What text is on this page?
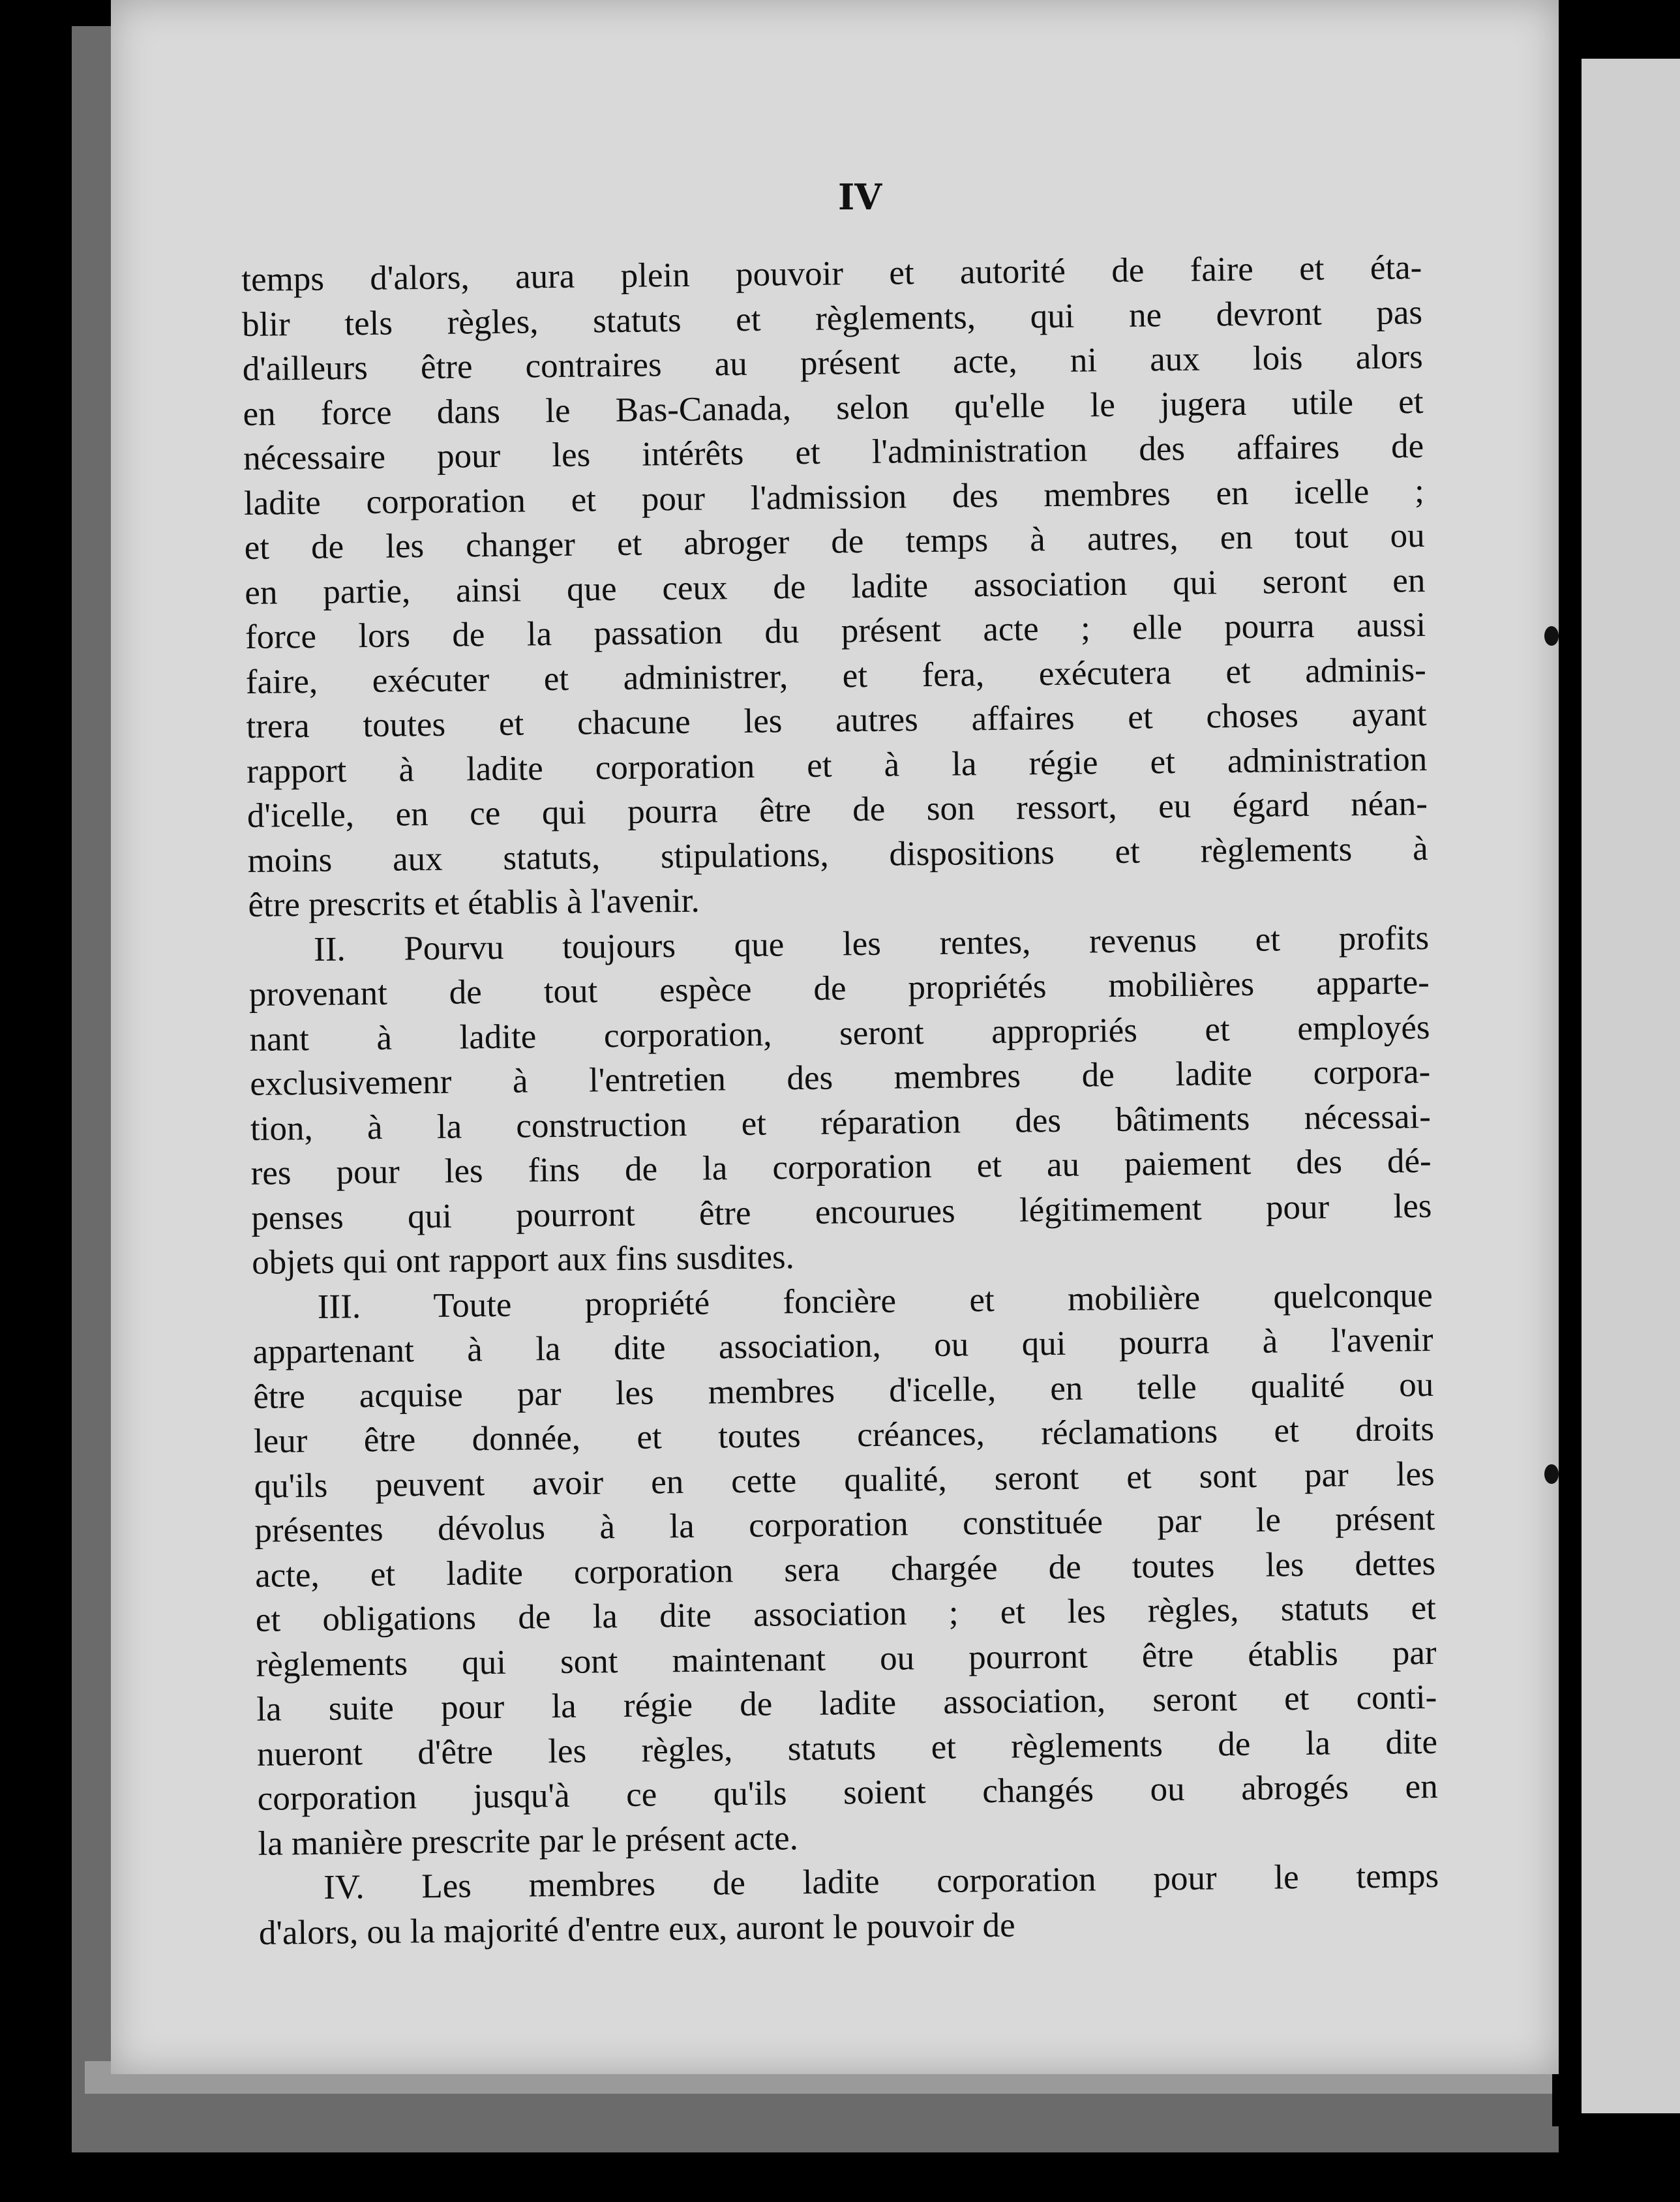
IV
temps d'alors, aura plein pouvoir et autorité de faire et éta-
blir tels règles, statuts et règlements, qui ne devront pas
d'ailleurs être contraires au présent acte, ni aux lois alors
en force dans le Bas-Canada, selon qu'elle le jugera utile et
nécessaire pour les intérêts et l'administration des affaires de
ladite corporation et pour l'admission des membres en icelle ;
et de les changer et abroger de temps à autres, en tout ou
en partie, ainsi que ceux de ladite association qui seront en
force lors de la passation du présent acte ; elle pourra aussi
faire, exécuter et administrer, et fera, exécutera et adminis-
trera toutes et chacune les autres affaires et choses ayant
rapport à ladite corporation et à la régie et administration
d'icelle, en ce qui pourra être de son ressort, eu égard néan-
moins aux statuts, stipulations, dispositions et règlements à
être prescrits et établis à l'avenir.
II. Pourvu toujours que les rentes, revenus et profits
provenant de tout espèce de propriétés mobilières apparte-
nant à ladite corporation, seront appropriés et employés
exclusivemenr à l'entretien des membres de ladite corpora-
tion, à la construction et réparation des bâtiments nécessai-
res pour les fins de la corporation et au paiement des dé-
penses qui pourront être encourues légitimement pour les
objets qui ont rapport aux fins susdites.
III. Toute propriété foncière et mobilière quelconque
appartenant à la dite association, ou qui pourra à l'avenir
être acquise par les membres d'icelle, en telle qualité ou
leur être donnée, et toutes créances, réclamations et droits
qu'ils peuvent avoir en cette qualité, seront et sont par les
présentes dévolus à la corporation constituée par le présent
acte, et ladite corporation sera chargée de toutes les dettes
et obligations de la dite association ; et les règles, statuts et
règlements qui sont maintenant ou pourront être établis par
la suite pour la régie de ladite association, seront et conti-
nueront d'être les règles, statuts et règlements de la dite
corporation jusqu'à ce qu'ils soient changés ou abrogés en
la manière prescrite par le présent acte.
IV. Les membres de ladite corporation pour le temps
d'alors, ou la majorité d'entre eux, auront le pouvoir de
